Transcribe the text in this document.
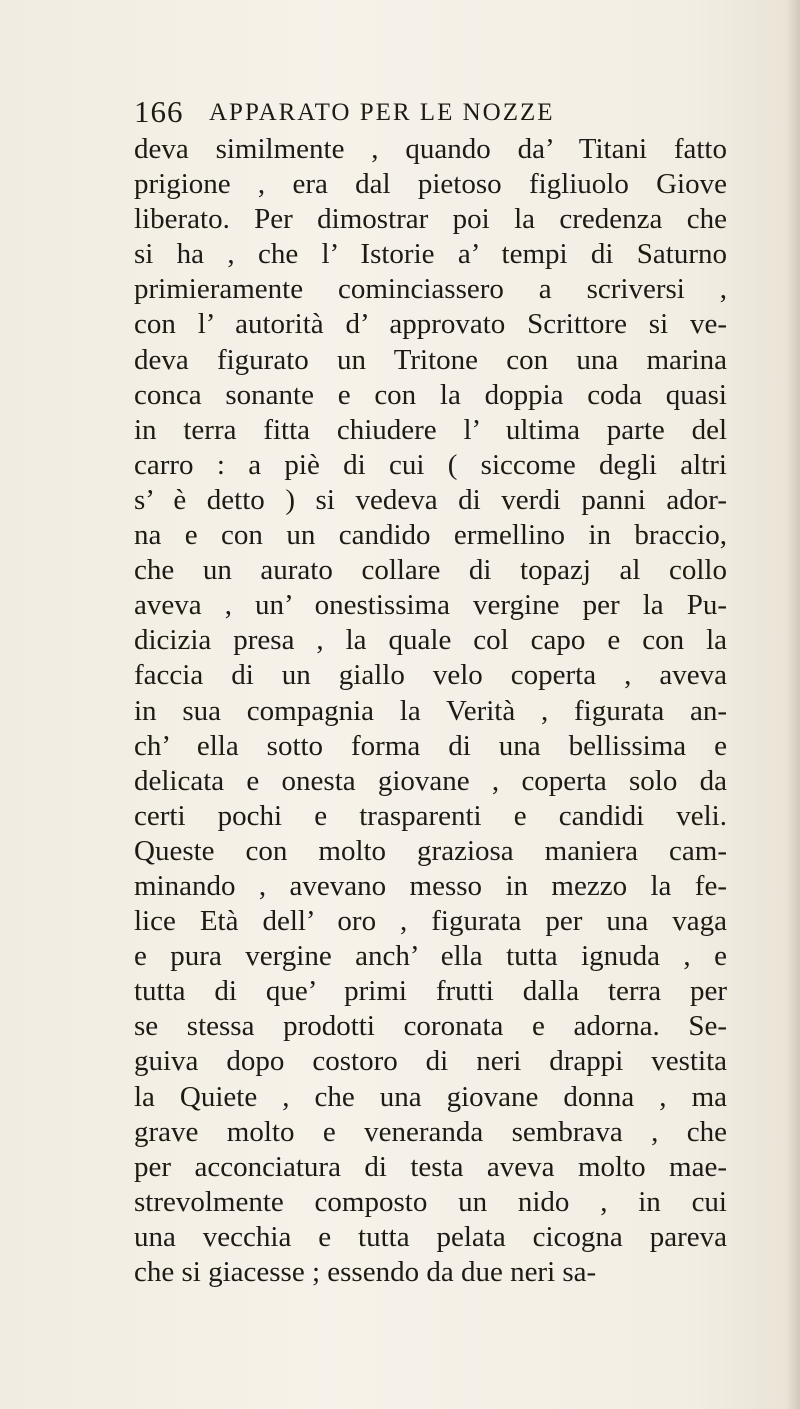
166 APPARATO PER LE NOZZE
deva similmente , quando da’ Titani fatto
prigione , era dal pietoso figliuolo Giove
liberato. Per dimostrar poi la credenza che
si ha , che l’ Istorie a’ tempi di Saturno
primieramente cominciassero a scriversi ,
con l’ autorità d’ approvato Scrittore si ve-
deva figurato un Tritone con una marina
conca sonante e con la doppia coda quasi
in terra fitta chiudere l’ ultima parte del
carro : a piè di cui ( siccome degli altri
s’ è detto ) si vedeva di verdi panni ador-
na e con un candido ermellino in braccio,
che un aurato collare di topazj al collo
aveva , un’ onestissima vergine per la Pu-
dicizia presa , la quale col capo e con la
faccia di un giallo velo coperta , aveva
in sua compagnia la Verità , figurata an-
ch’ ella sotto forma di una bellissima e
delicata e onesta giovane , coperta solo da
certi pochi e trasparenti e candidi veli.
Queste con molto graziosa maniera cam-
minando , avevano messo in mezzo la fe-
lice Età dell’ oro , figurata per una vaga
e pura vergine anch’ ella tutta ignuda , e
tutta di que’ primi frutti dalla terra per
se stessa prodotti coronata e adorna. Se-
guiva dopo costoro di neri drappi vestita
la Quiete , che una giovane donna , ma
grave molto e veneranda sembrava , che
per acconciatura di testa aveva molto mae-
strevolmente composto un nido , in cui
una vecchia e tutta pelata cicogna pareva
che si giacesse ; essendo da due neri sa-
